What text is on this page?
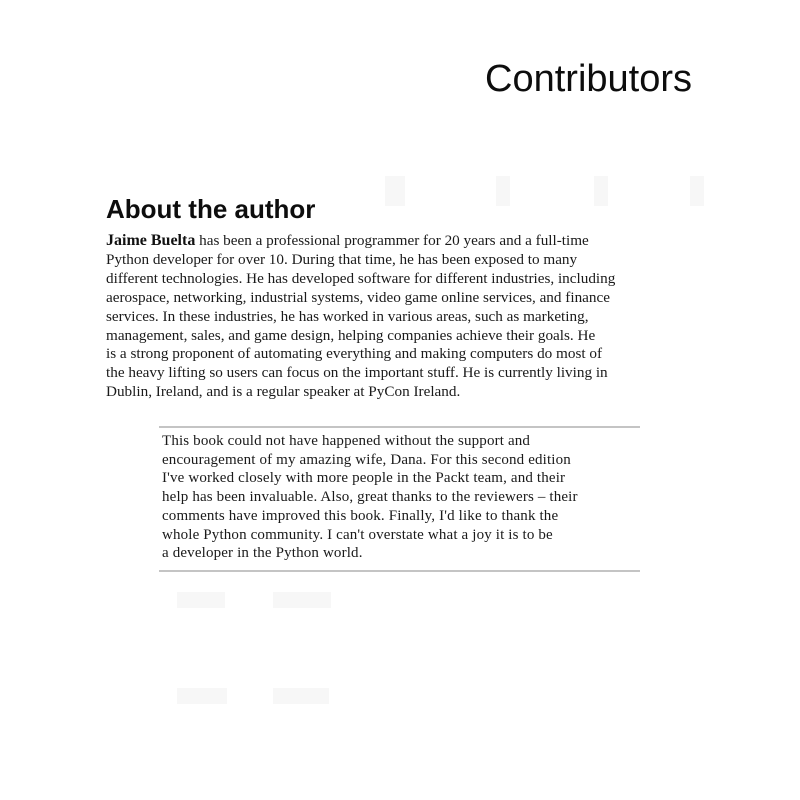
Contributors
About the author
Jaime Buelta has been a professional programmer for 20 years and a full-time
Python developer for over 10. During that time, he has been exposed to many
different technologies. He has developed software for different industries, including
aerospace, networking, industrial systems, video game online services, and finance
services. In these industries, he has worked in various areas, such as marketing,
management, sales, and game design, helping companies achieve their goals. He
is a strong proponent of automating everything and making computers do most of
the heavy lifting so users can focus on the important stuff. He is currently living in
Dublin, Ireland, and is a regular speaker at PyCon Ireland.
This book could not have happened without the support and
encouragement of my amazing wife, Dana. For this second edition
I've worked closely with more people in the Packt team, and their
help has been invaluable. Also, great thanks to the reviewers – their
comments have improved this book. Finally, I'd like to thank the
whole Python community. I can't overstate what a joy it is to be
a developer in the Python world.
